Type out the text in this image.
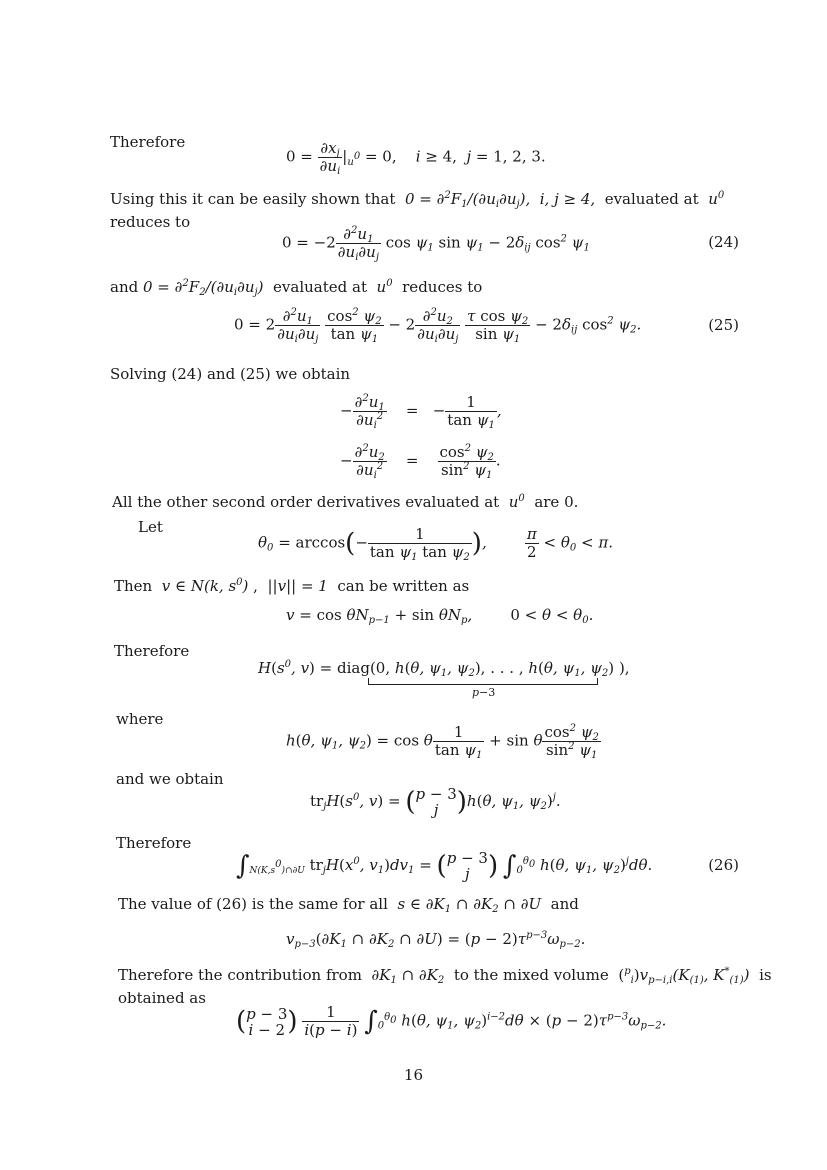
Therefore
$0 = \frac{\partial x_j}{\partial u_i} |_{u^0} = 0$,    i ≥ 4,  j = 1, 2, 3.
Using this it can be easily shown that $0 = \partial^2F_1/(\partial u_i\partial u_j)$,  i, j ≥ 4, evaluated at $u^0$
reduces to
$0 = -2 \frac{\partial^2u_1}{\partial u_i\partial u_j}$ $\cos \psi_1$ $\sin \psi_1 - 2\delta_{ij}$ $\cos^2 \psi_1$	(24)
and $0 = \partial^2F_2/(\partial u_i\partial u_j)$ evaluated at $u^0$ reduces to
$0 = 2 \frac{\partial^2u_1}{\partial u_i\partial u_j}$
$\frac{\cos^2 \psi_2}{\tan \psi_1} - 2 \frac{\partial^2u_2}{\partial u_i\partial u_j}$
$\frac{\tau \cos \psi_2}{\sin \psi_1} - 2\delta_{ij}$ $\cos^2 \psi_2$.	(25)
Solving (24) and (25) we obtain
− $\frac{\partial^2u_1}{\partial u_i^2}$ =   − $\frac{1}{\tan \psi_1}$ ,
− $\frac{\partial^2u_2}{\partial u_i^2} = \frac{\cos^2 \psi_2}{\sin^2 \psi_1}$ .
All the other second order derivatives evaluated at $u^0$ are 0.
Let
$\theta_0 = \arccos(- \frac{1}{\tan \psi_1 \tan \psi_2}$ ), $\frac{\pi}{2} < \theta_0 < \pi$.
Then v ∈ N(k, $s^0$) ,  ||v|| = 1 can be written as
$v = \cos \theta N_{p-1} + \sin \theta N_p$,        $0 < \theta < \theta_0$.
Therefore
$H(s^0$, v) = diag(0, h(θ, $\psi_1$, $\psi_2$), . . . , h(θ, $\psi_1$, $\psi_2$) ),
p−3
where
h(θ, $\psi_1$, $\psi_2) = \cos \theta \frac{1}{\tan \psi_1} + \sin \theta \frac{\cos^2 \psi_2}{\sin^2 \psi_1}$
and we obtain
$tr_jH(s^0$, v) = ( p − 3
j )h(θ, $\psi_1$, $\psi_2)^j$.
Therefore
$\int_{N(K,s^0)\cap\partial U}$ $tr_jH(x^0$, $v_1)dv_1$ = ( p − 3
j ) $\int_0^{\theta_0}$ h(θ, $\psi_1$, $\psi_2)^jd\theta$.	(26)
The value of (26) is the same for all s ∈ $\partial K_1$ ∩ $\partial K_2$ ∩ ∂U and
$v_{p-3}(\partial K_1$ ∩ $\partial K_2$ ∩ $\partial U) = (p - 2)\tau^{p-3}\omega_{p-2}$.
Therefore the contribution from $\partial K_1$ ∩ $\partial K_2$ to the mixed volume $(^p_i)v_{p-i,i}(K_{(1)}$, $K^*_{(1)}$) is
obtained as
( p − 3
i − 2 ) $\frac{1}{i(p - i)} \int_0^{\theta_0}$ h(θ, $\psi_1$, $\psi_2)^{i-2}d\theta \times (p - 2)\tau^{p-3}\omega_{p-2}$.
16
